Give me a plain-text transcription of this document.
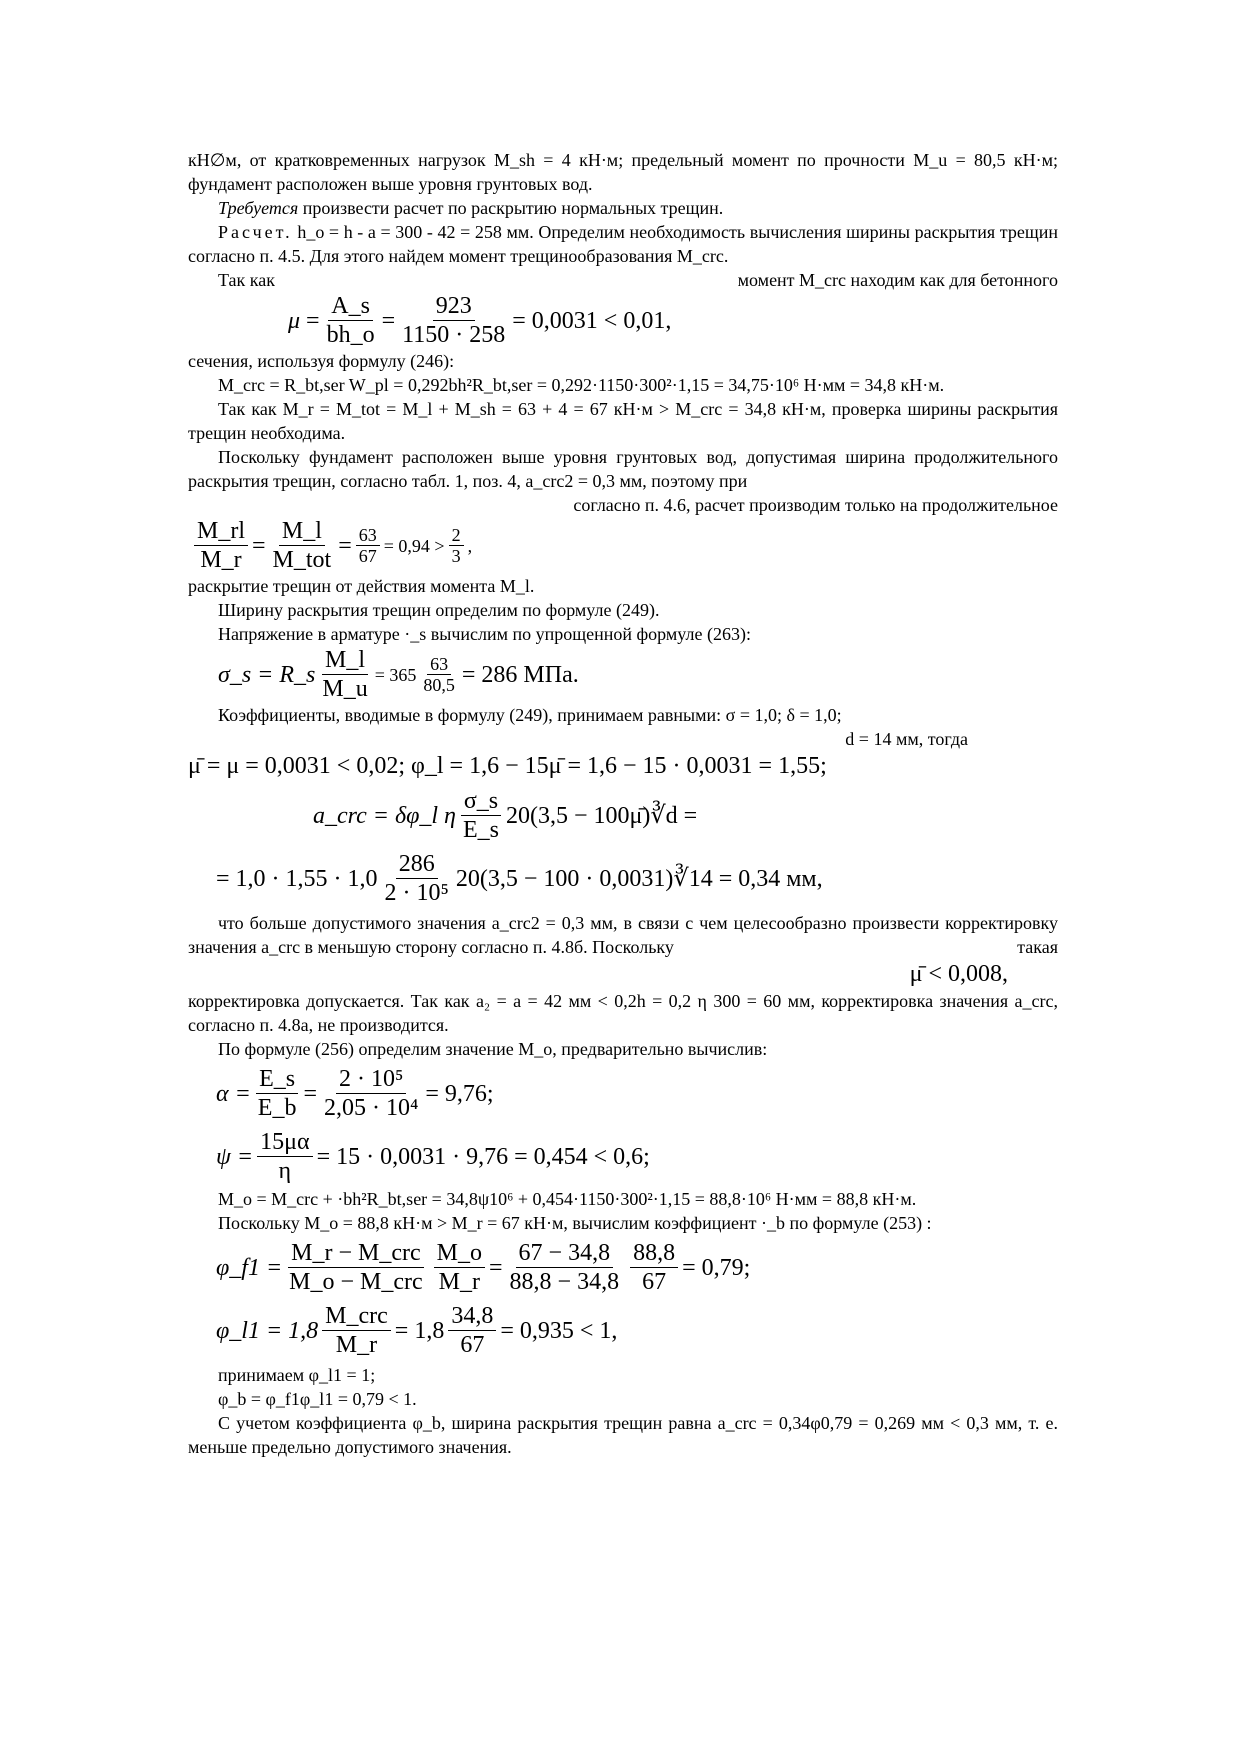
кН∅м, от кратковременных нагрузок M_sh = 4 кН·м; предельный момент по прочности M_u = 80,5 кН·м; фундамент расположен выше уровня грунтовых вод.

Требуется произвести расчет по раскрытию нормальных трещин.

Расчет. h_o = h - a = 300 - 42 = 258 мм. Определим необходимость вычисления ширины раскрытия трещин согласно п. 4.5. Для этого найдем момент трещинообразования M_crc.

Так как	момент M_crc находим как для бетонного

μ =
A_s
bh_o
= $\frac{923}{1150 \cdot 258} = 0,0031 < 0,01$,

сечения, используя формулу (246):

M_crc = R_bt,ser W_pl = 0,292bh²R_bt,ser = 0,292·1150·300²·1,15 = 34,75·10⁶ Н·мм = 34,8 кН·м.

Так как M_r = M_tot = M_l + M_sh = 63 + 4 = 67 кН·м > M_crc = 34,8 кН·м, проверка ширины раскрытия трещин необходима.

Поскольку фундамент расположен выше уровня грунтовых вод, допустимая ширина продолжительного раскрытия трещин, согласно табл. 1, поз. 4, a_crc2 = 0,3 мм, поэтому при

согласно п. 4.6, расчет производим только на продолжительное

M_rl
M_r
=
M_l
M_tot
= $\frac{63}{67} = 0,94$ >
2
3
,

раскрытие трещин от действия момента M_l.

Ширину раскрытия трещин определим по формуле (249).

Напряжение в арматуре ·_s вычислим по упрощенной формуле (263):

σ_s = R_s $\frac{M\_l}{M\_u} = 365$
63
80,5 = 286 МПа.

Коэффициенты, вводимые в формулу (249), принимаем равными: σ = 1,0; δ = 1,0;

d = 14 мм, тогда

μ̄ = μ = 0,0031 < 0,02; φ_l = 1,6 − 15μ̄ = 1,6 − 15 · 0,0031 = 1,55;
a_crc = δφ_l η
σ_s
E_s
20(3,5 − 100μ̄)∛d =
= 1,0 · 1,55 · 1,0
286
2 · 10⁵
20(3,5 − 100 · 0,0031)∛14 = 0,34 мм,

что больше допустимого значения a_crc2 = 0,3 мм, в связи с чем целесообразно произвести корректировку значения a_crc в меньшую сторону согласно п. 4.8б. Поскольку	такая

μ̄ < 0,008,

корректировка допускается. Так как a₂ = a = 42 мм < 0,2h = 0,2 η 300 = 60 мм, корректировка значения a_crc, согласно п. 4.8а, не производится.

По формуле (256) определим значение M_o, предварительно вычислив:

$\alpha = \frac{E\_s}{E\_b} = \frac{\text{2 · 10⁵}}{\text{2,05 · 10⁴}} = 9,76$;
$\psi = \frac{15\mu\alpha}{\eta} = 15 \cdot 0,0031 \cdot 9,76 = 0,454 < 0,6$;

M_o = M_crc + ·bh²R_bt,ser = 34,8ψ10⁶ + 0,454·1150·300²·1,15 = 88,8·10⁶ Н·мм = 88,8 кН·м.

Поскольку M_o = 88,8 кН·м > M_r = 67 кН·м, вычислим коэффициент ·_b по формуле (253) :

φ_f1 =
M_r − M_crc
M_o − M_crc
M_o
M_r
=
67 − 34,8
$88,8 - 34,8 \frac{88,8}{67} = 0,79$;
φ_l1 = 1,8
M_crc
M_r
= $1,8 \frac{34,8}{67} = 0,935 < 1$,

принимаем φ_l1 = 1;

φ_b = φ_f1φ_l1 = 0,79 < 1.

С учетом коэффициента φ_b, ширина раскрытия трещин равна a_crc = 0,34φ0,79 = 0,269 мм < 0,3 мм, т. е. меньше предельно допустимого значения.
